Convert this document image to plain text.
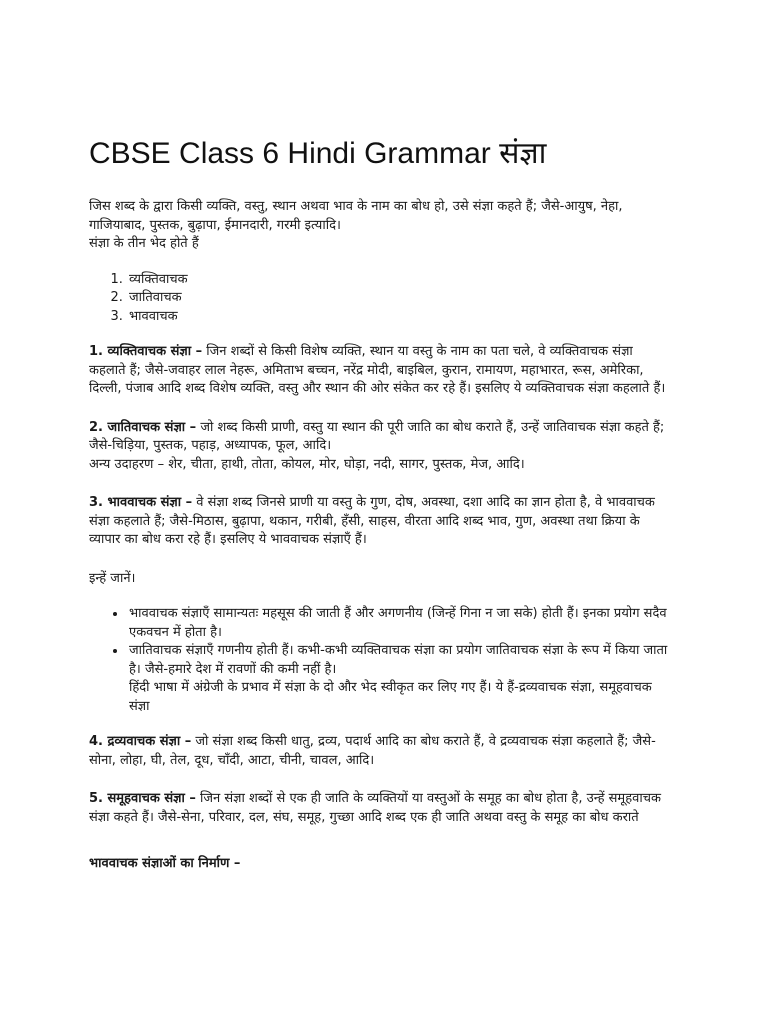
CBSE Class 6 Hindi Grammar संज्ञा

जिस शब्द के द्वारा किसी व्यक्ति, वस्तु, स्थान अथवा भाव के नाम का बोध हो, उसे संज्ञा कहते हैं; जैसे-आयुष, नेहा, गाजियाबाद, पुस्तक, बुढ़ापा, ईमानदारी, गरमी इत्यादि।

संज्ञा के तीन भेद होते हैं

1. व्यक्तिवाचक
2. जातिवाचक
3. भाववाचक

1. व्यक्तिवाचक संज्ञा – जिन शब्दों से किसी विशेष व्यक्ति, स्थान या वस्तु के नाम का पता चले, वे व्यक्तिवाचक संज्ञा कहलाते हैं; जैसे-जवाहर लाल नेहरू, अमिताभ बच्चन, नरेंद्र मोदी, बाइबिल, कुरान, रामायण, महाभारत, रूस, अमेरिका, दिल्ली, पंजाब आदि शब्द विशेष व्यक्ति, वस्तु और स्थान की ओर संकेत कर रहे हैं। इसलिए ये व्यक्तिवाचक संज्ञा कहलाते हैं।

2. जातिवाचक संज्ञा – जो शब्द किसी प्राणी, वस्तु या स्थान की पूरी जाति का बोध कराते हैं, उन्हें जातिवाचक संज्ञा कहते हैं; जैसे-चिड़िया, पुस्तक, पहाड़, अध्यापक, फूल, आदि।

अन्य उदाहरण – शेर, चीता, हाथी, तोता, कोयल, मोर, घोड़ा, नदी, सागर, पुस्तक, मेज, आदि।

3. भाववाचक संज्ञा – वे संज्ञा शब्द जिनसे प्राणी या वस्तु के गुण, दोष, अवस्था, दशा आदि का ज्ञान होता है, वे भाववाचक संज्ञा कहलाते हैं; जैसे-मिठास, बुढ़ापा, थकान, गरीबी, हँसी, साहस, वीरता आदि शब्द भाव, गुण, अवस्था तथा क्रिया के व्यापार का बोध करा रहे हैं। इसलिए ये भाववाचक संज्ञाएँ हैं।

इन्हें जानें।

• भाववाचक संज्ञाएँ सामान्यतः महसूस की जाती हैं और अगणनीय (जिन्हें गिना न जा सके) होती हैं। इनका प्रयोग सदैव एकवचन में होता है।
• जातिवाचक संज्ञाएँ गणनीय होती हैं। कभी-कभी व्यक्तिवाचक संज्ञा का प्रयोग जातिवाचक संज्ञा के रूप में किया जाता है। जैसे-हमारे देश में रावणों की कमी नहीं है।
हिंदी भाषा में अंग्रेजी के प्रभाव में संज्ञा के दो और भेद स्वीकृत कर लिए गए हैं। ये हैं-द्रव्यवाचक संज्ञा, समूहवाचक संज्ञा

4. द्रव्यवाचक संज्ञा – जो संज्ञा शब्द किसी धातु, द्रव्य, पदार्थ आदि का बोध कराते हैं, वे द्रव्यवाचक संज्ञा कहलाते हैं; जैसे-सोना, लोहा, घी, तेल, दूध, चाँदी, आटा, चीनी, चावल, आदि।

5. समूहवाचक संज्ञा – जिन संज्ञा शब्दों से एक ही जाति के व्यक्तियों या वस्तुओं के समूह का बोध होता है, उन्हें समूहवाचक संज्ञा कहते हैं। जैसे-सेना, परिवार, दल, संघ, समूह, गुच्छा आदि शब्द एक ही जाति अथवा वस्तु के समूह का बोध कराते

भाववाचक संज्ञाओं का निर्माण –
